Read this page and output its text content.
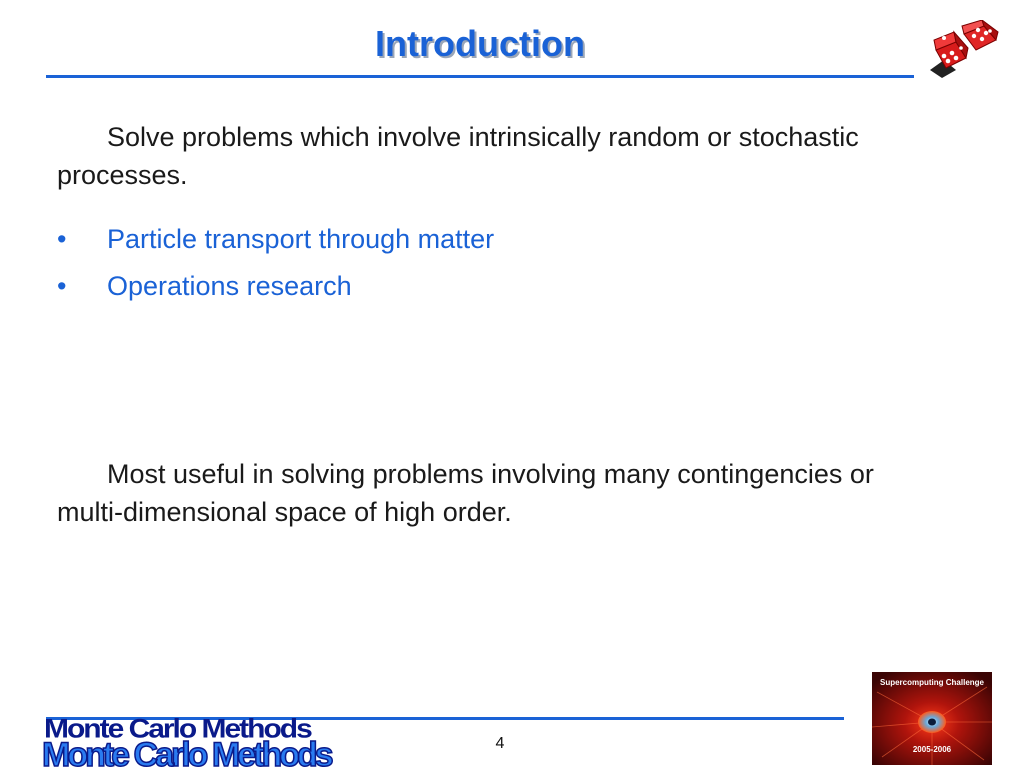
Introduction

Solve problems which involve intrinsically random or stochastic processes.

•	Particle transport through matter
•	Operations research

Most useful in solving problems involving many contingencies or multi-dimensional space of high order.

Monte Carlo Methods
Monte Carlo Methods	4
Supercomputing Challenge
2005-2006
